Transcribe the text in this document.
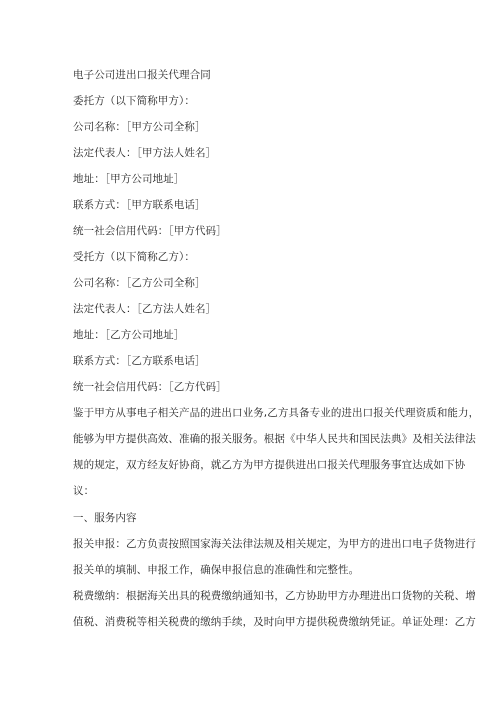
电子公司进出口报关代理合同
委托方（以下简称甲方）：
公司名称：［甲方公司全称］
法定代表人：［甲方法人姓名］
地址：［甲方公司地址］
联系方式：［甲方联系电话］
统一社会信用代码：［甲方代码］
受托方（以下简称乙方）：
公司名称：［乙方公司全称］
法定代表人：［乙方法人姓名］
地址：［乙方公司地址］
联系方式：［乙方联系电话］
统一社会信用代码：［乙方代码］
鉴于甲方从事电子相关产品的进出口业务,乙方具备专业的进出口报关代理资质和能力，
能够为甲方提供高效、准确的报关服务。根据《中华人民共和国民法典》及相关法律法
规的规定，双方经友好协商，就乙方为甲方提供进出口报关代理服务事宜达成如下协
议：
一、服务内容
报关申报：乙方负责按照国家海关法律法规及相关规定，为甲方的进出口电子货物进行
报关单的填制、申报工作，确保申报信息的准确性和完整性。
税费缴纳：根据海关出具的税费缴纳通知书，乙方协助甲方办理进出口货物的关税、增
值税、消费税等相关税费的缴纳手续，及时向甲方提供税费缴纳凭证。单证处理：乙方
